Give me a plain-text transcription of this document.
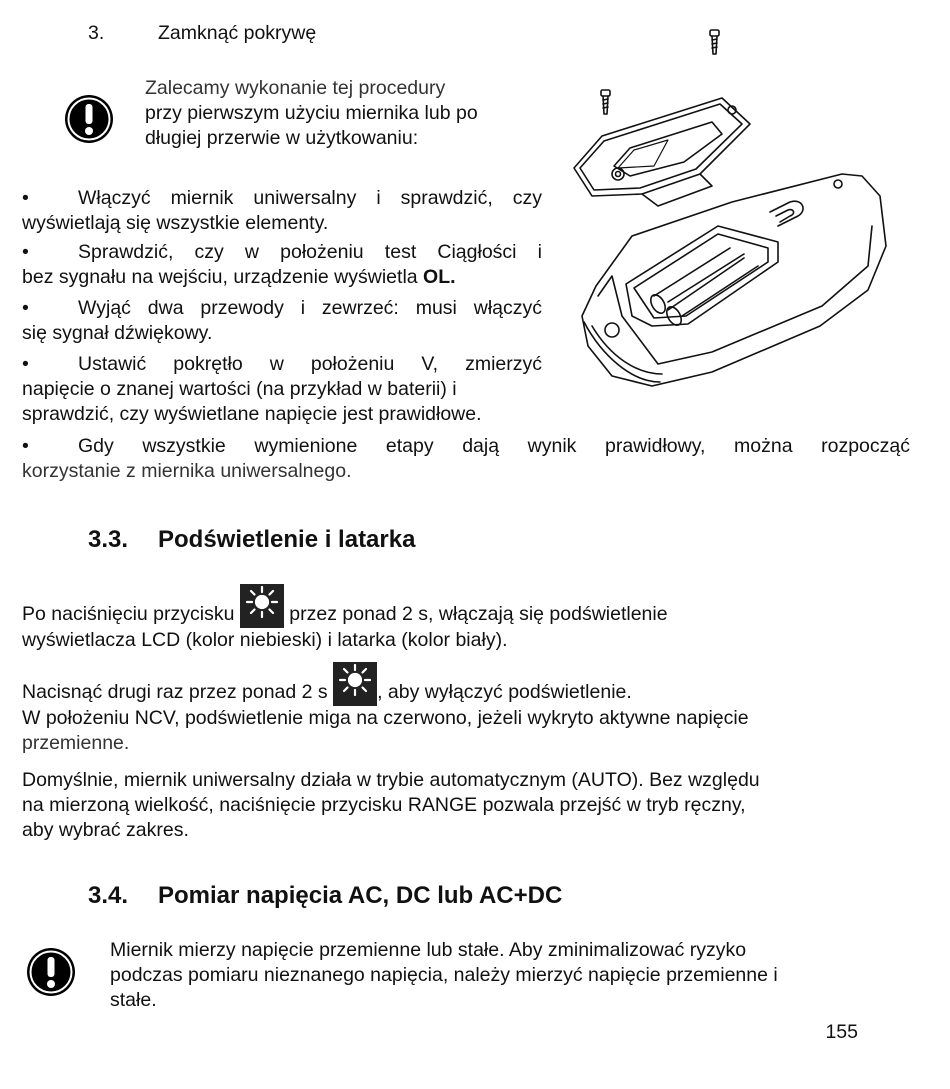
3.	Zamknąć pokrywę
Zalecamy wykonanie tej procedury
przy pierwszym użyciu miernika lub po
długiej przerwie w użytkowaniu:
•	Włączyć miernik uniwersalny i sprawdzić, czy
wyświetlają się wszystkie elementy.
•	Sprawdzić, czy w położeniu test Ciągłości i
bez sygnału na wejściu, urządzenie wyświetla OL.
•	Wyjąć dwa przewody i zewrzeć: musi włączyć
się sygnał dźwiękowy.
•	Ustawić pokrętło w położeniu V, zmierzyć
napięcie o znanej wartości (na przykład w baterii) i
sprawdzić, czy wyświetlane napięcie jest prawidłowe.
•	Gdy wszystkie wymienione etapy dają wynik prawidłowy, można rozpocząć
korzystanie z miernika uniwersalnego.
3.3. Podświetlenie i latarka
Po naciśnięciu przycisku	przez ponad 2 s, włączają się podświetlenie
wyświetlacza LCD (kolor niebieski) i latarka (kolor biały).
Nacisnąć drugi raz przez ponad 2 s	, aby wyłączyć podświetlenie.
W położeniu NCV, podświetlenie miga na czerwono, jeżeli wykryto aktywne napięcie
przemienne.
Domyślnie, miernik uniwersalny działa w trybie automatycznym (AUTO). Bez względu
na mierzoną wielkość, naciśnięcie przycisku RANGE pozwala przejść w tryb ręczny,
aby wybrać zakres.
3.4. Pomiar napięcia AC, DC lub AC+DC
Miernik mierzy napięcie przemienne lub stałe. Aby zminimalizować ryzyko
podczas pomiaru nieznanego napięcia, należy mierzyć napięcie przemienne i
stałe.
155
